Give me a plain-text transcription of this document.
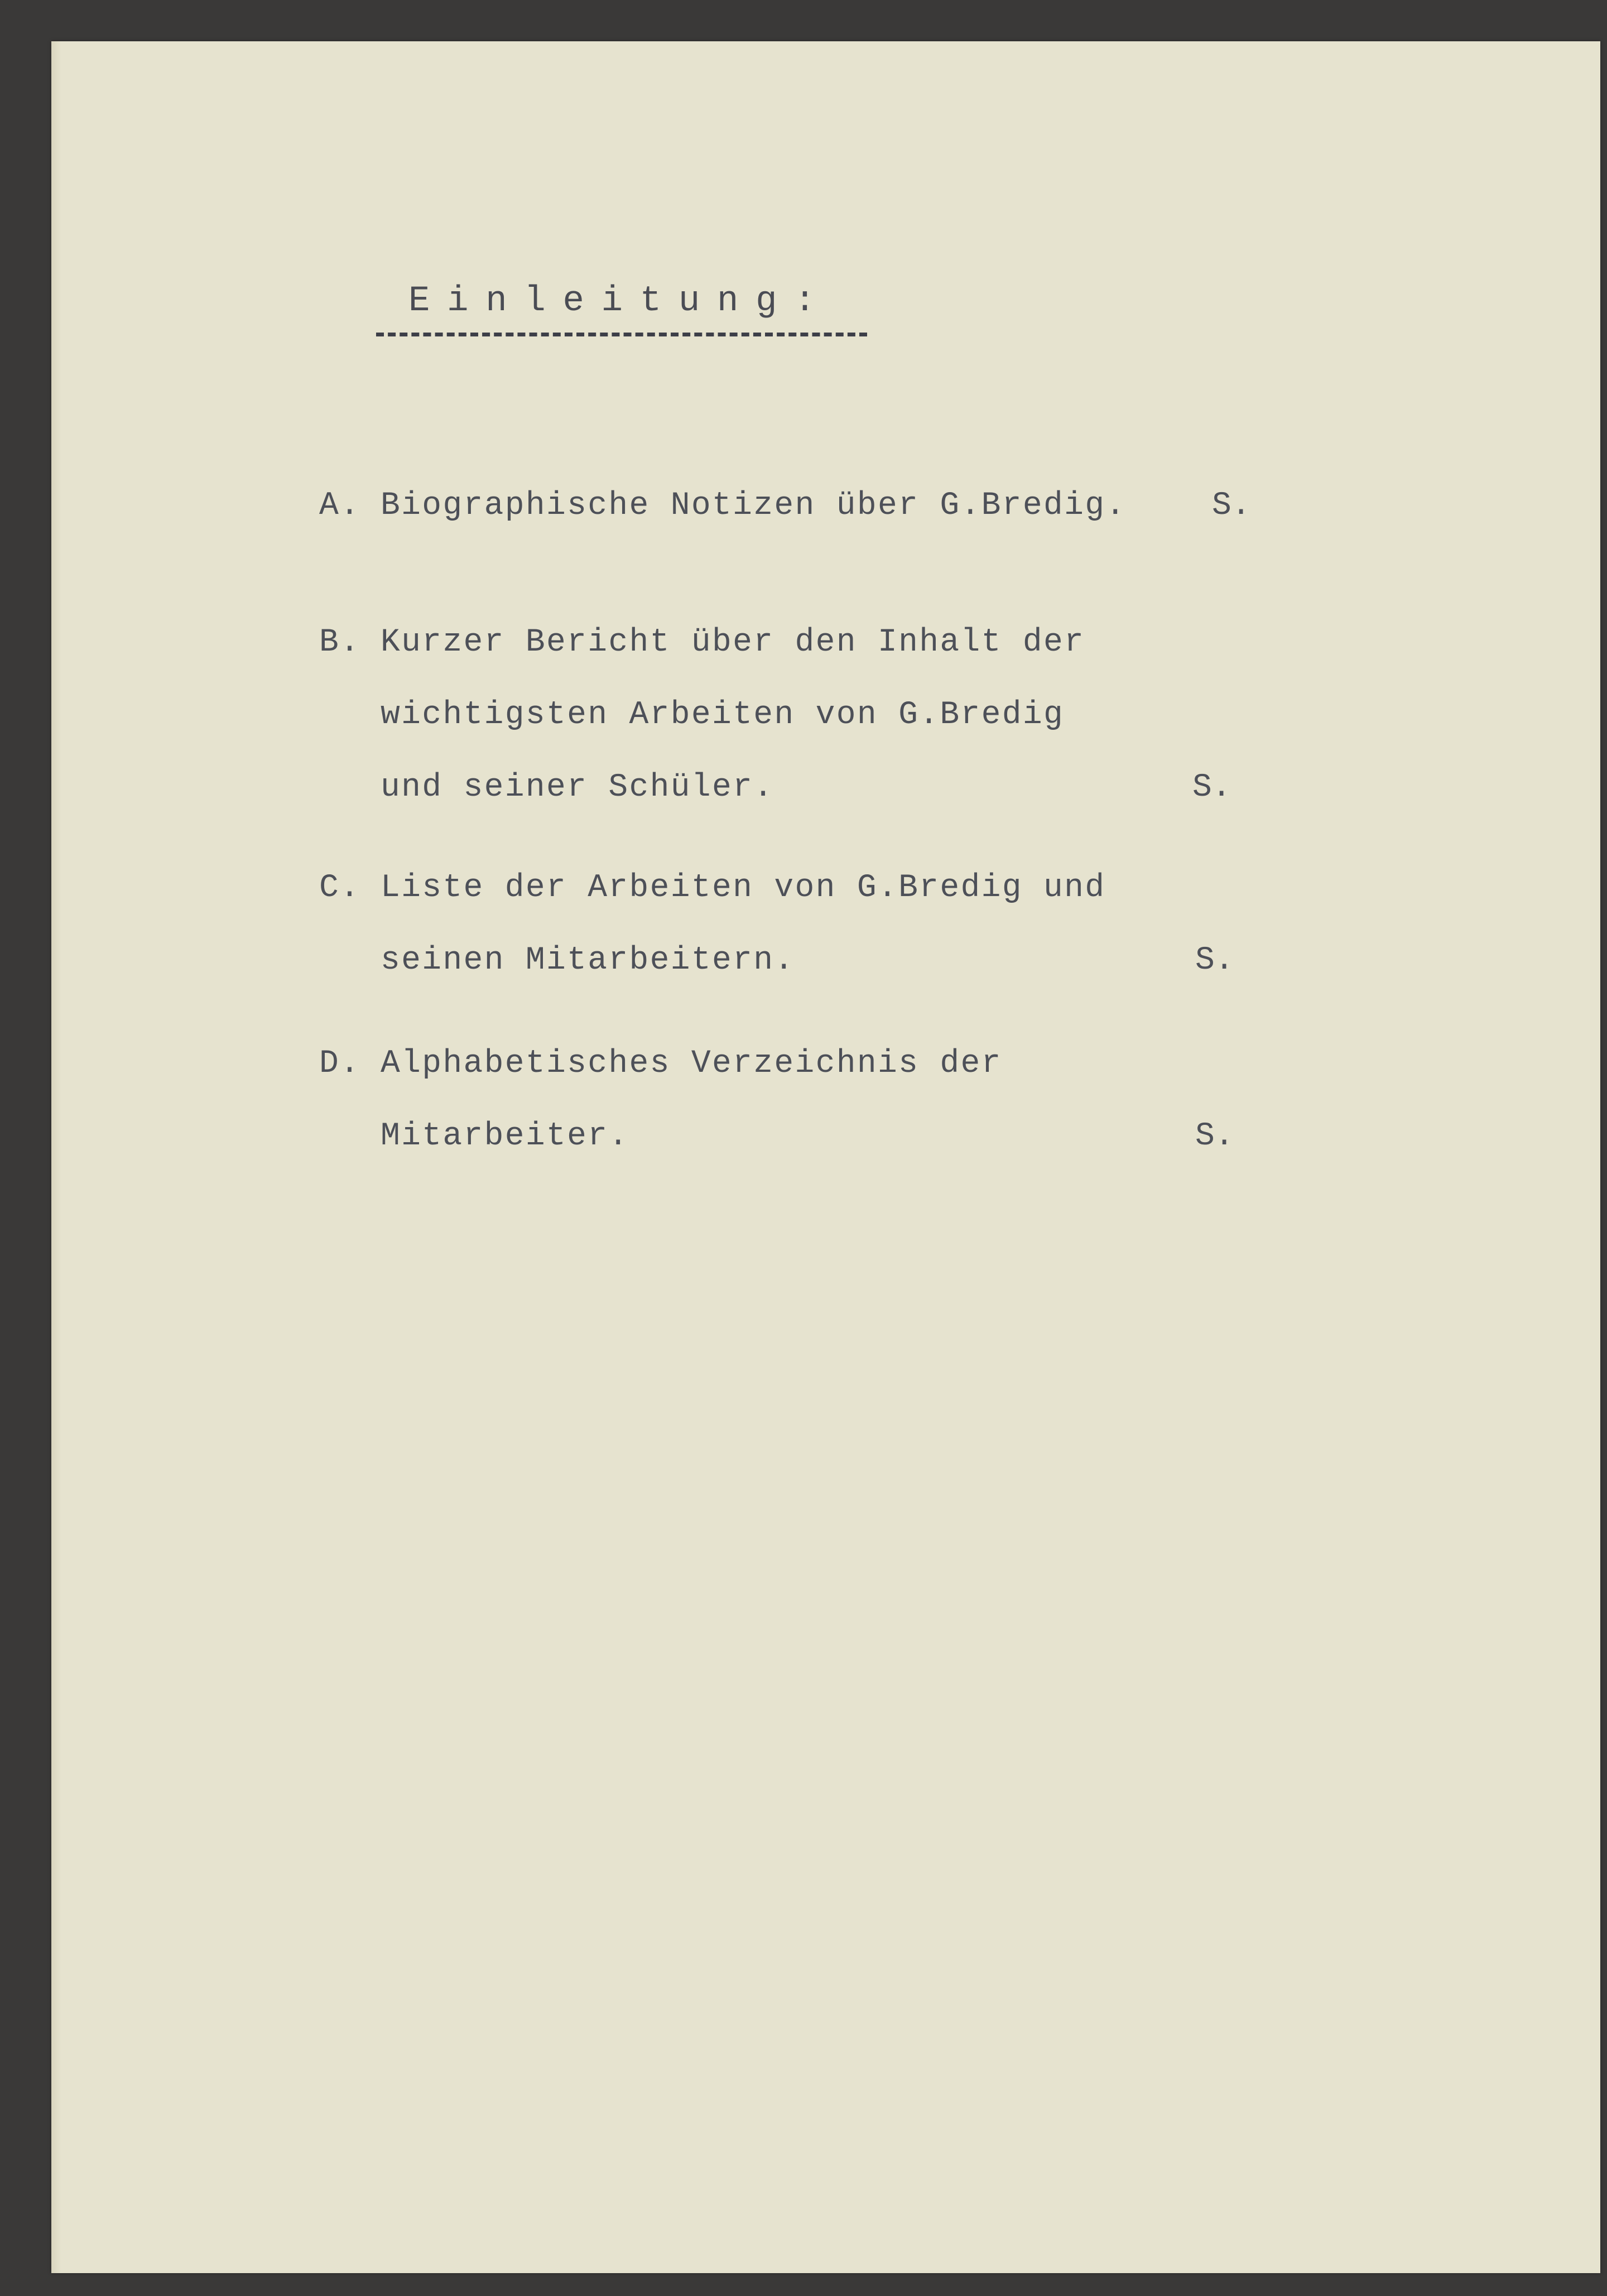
Einleitung:
A. Biographische Notizen über G.Bredig.	S.
B. Kurzer Bericht über den Inhalt der
wichtigsten Arbeiten von G.Bredig
und seiner Schüler.	S.
C. Liste der Arbeiten von G.Bredig und
seinen Mitarbeitern.	S.
D. Alphabetisches Verzeichnis der
Mitarbeiter.	S.
